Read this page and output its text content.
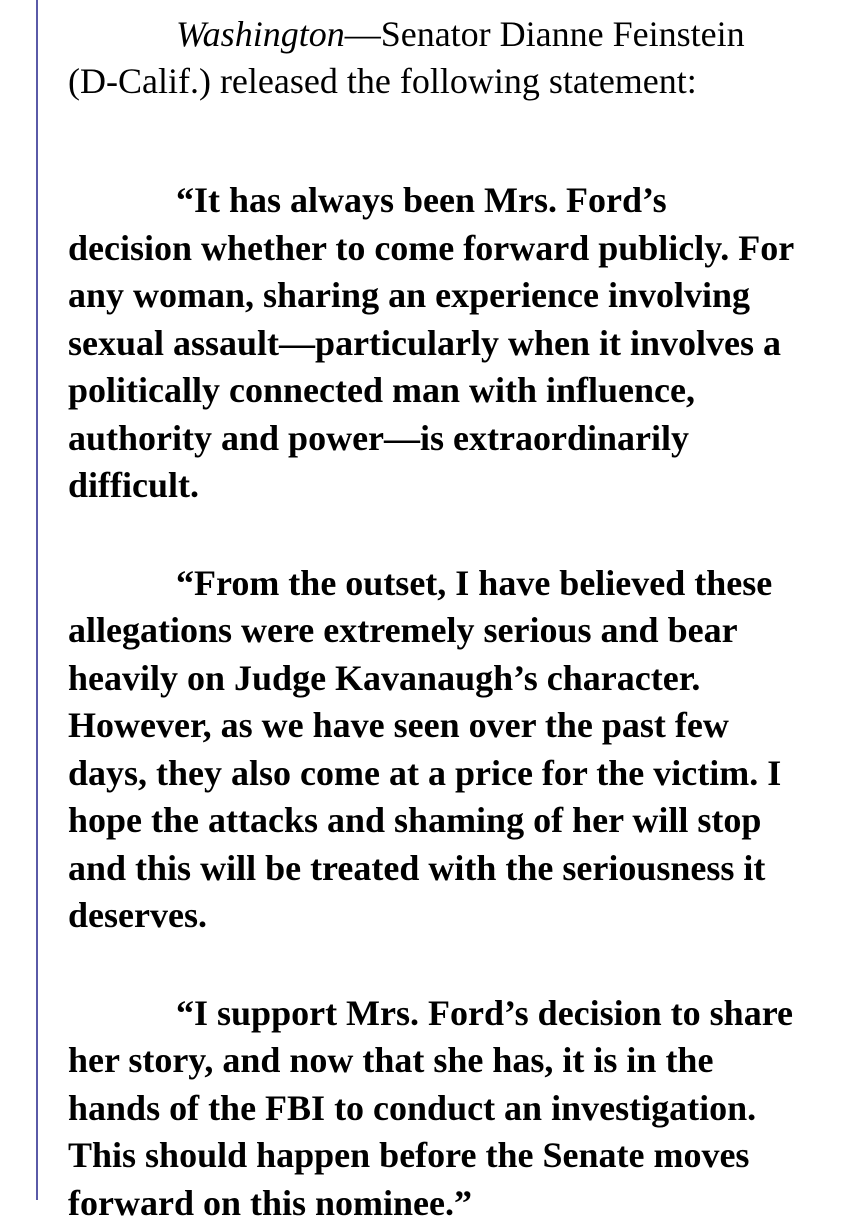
Washington—Senator Dianne Feinstein
(D-Calif.) released the following statement:

“It has always been Mrs. Ford’s
decision whether to come forward publicly. For
any woman, sharing an experience involving
sexual assault—particularly when it involves a
politically connected man with influence,
authority and power—is extraordinarily
difficult.

“From the outset, I have believed these
allegations were extremely serious and bear
heavily on Judge Kavanaugh’s character.
However, as we have seen over the past few
days, they also come at a price for the victim. I
hope the attacks and shaming of her will stop
and this will be treated with the seriousness it
deserves.

“I support Mrs. Ford’s decision to share
her story, and now that she has, it is in the
hands of the FBI to conduct an investigation.
This should happen before the Senate moves
forward on this nominee.”
